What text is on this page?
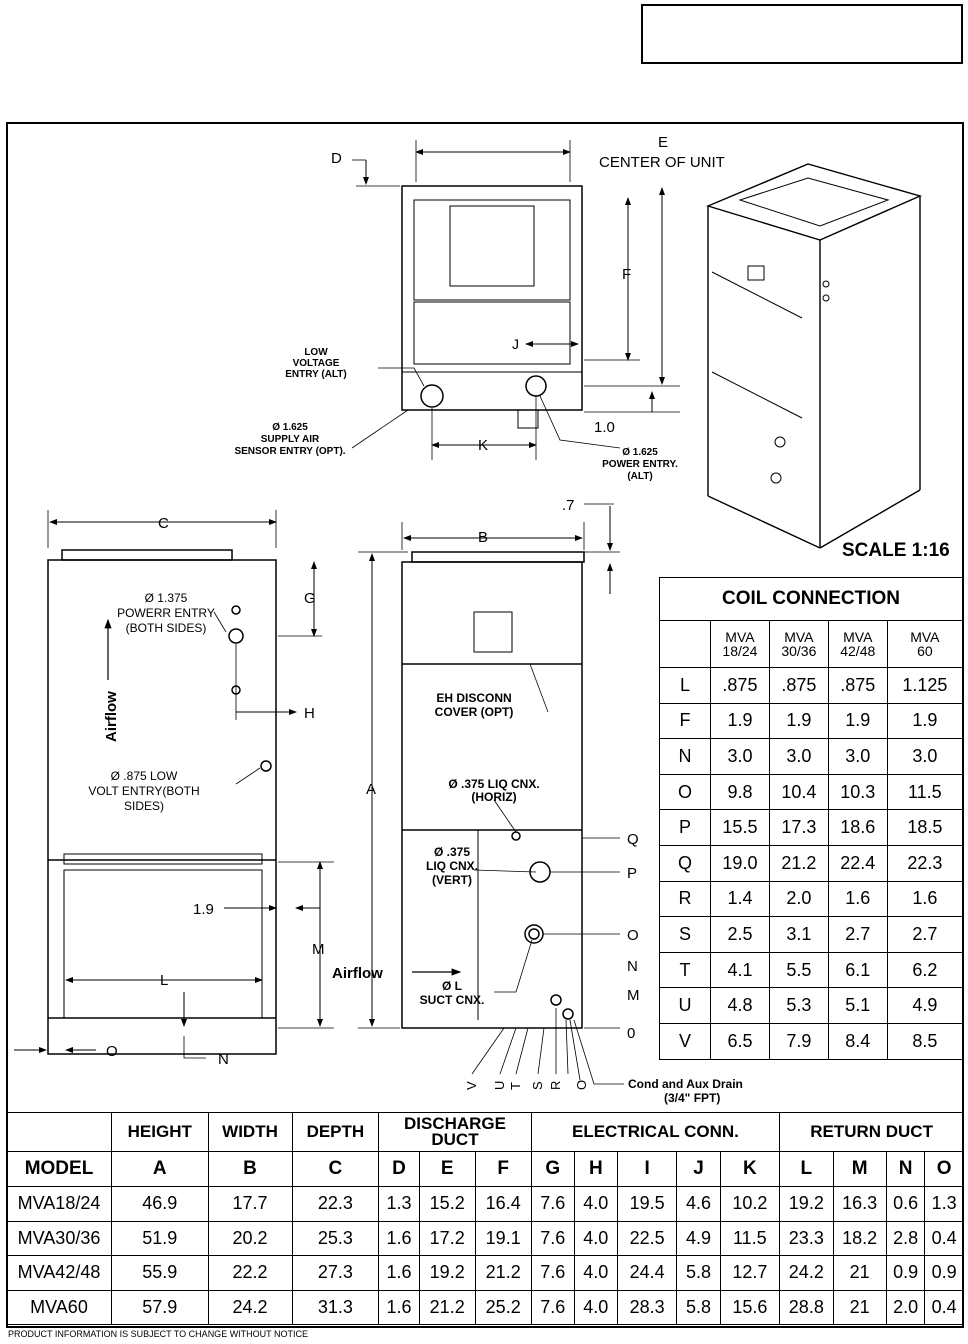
D
E
CENTER OF UNIT
F
J
K
1.0
LOW
VOLTAGE
ENTRY (ALT)
Ø 1.625
SUPPLY AIR
SENSOR ENTRY (OPT).	Ø 1.625
POWER ENTRY.
(ALT)
SCALE 1:16
C
G
H
L
M
N
O
1.9
Airflow
Ø 1.375
POWERR ENTRY
(BOTH SIDES)
Ø .875 LOW
VOLT ENTRY(BOTH
SIDES)
A
B
.7
EH DISCONN
COVER (OPT)
Ø .375 LIQ CNX.
(HORIZ)
Ø .375
LIQ CNX.
(VERT)
Ø L
SUCT CNX.
Airflow
Q
P
O
N
M
0
V U T S R O	Cond and Aux Drain
(3/4" FPT)
COIL CONNECTION				
	MVA
18/24	MVA
30/36	MVA
42/48	MVA
60
L	.875	.875	.875	1.125
F	1.9	1.9	1.9	1.9
N	3.0	3.0	3.0	3.0
O	9.8	10.4	10.3	11.5
P	15.5	17.3	18.6	18.5
Q	19.0	21.2	22.4	22.3
R	1.4	2.0	1.6	1.6
S	2.5	3.1	2.7	2.7
T	4.1	5.5	6.1	6.2
U	4.8	5.3	5.1	4.9
V	6.5	7.9	8.4	8.5
	HEIGHT	WIDTH	DEPTH	DISCHARGE
DUCT			ELECTRICAL CONN.					RETURN DUCT			
MODEL	A	B	C	D	E	F	G	H	I	J	K	L	M	N	O
MVA18/24	46.9	17.7	22.3	1.3	15.2	16.4	7.6	4.0	19.5	4.6	10.2	19.2	16.3	0.6	1.3
MVA30/36	51.9	20.2	25.3	1.6	17.2	19.1	7.6	4.0	22.5	4.9	11.5	23.3	18.2	2.8	0.4
MVA42/48	55.9	22.2	27.3	1.6	19.2	21.2	7.6	4.0	24.4	5.8	12.7	24.2	21	0.9	0.9
MVA60	57.9	24.2	31.3	1.6	21.2	25.2	7.6	4.0	28.3	5.8	15.6	28.8	21	2.0	0.4
PRODUCT INFORMATION IS SUBJECT TO CHANGE WITHOUT NOTICE
